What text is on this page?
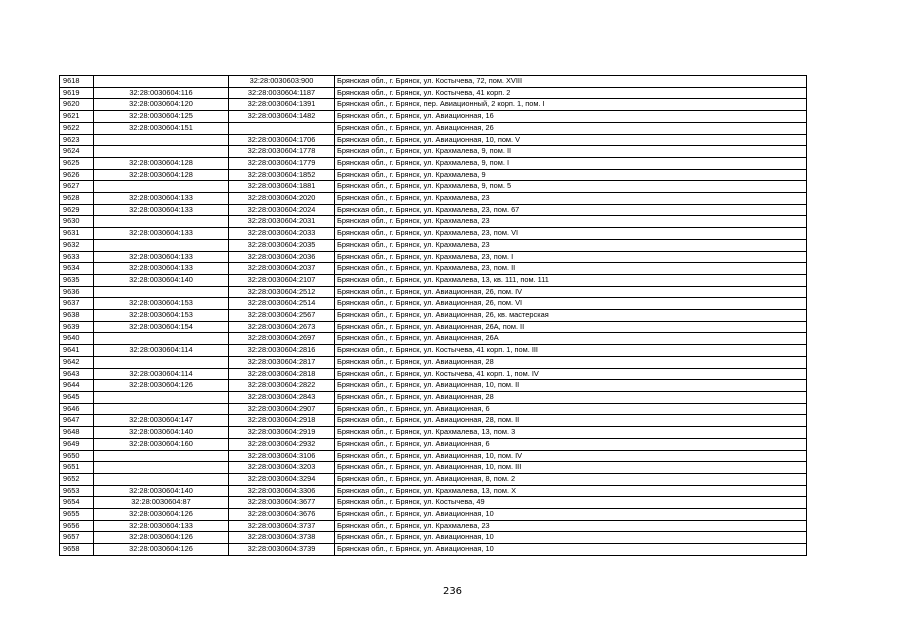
9618		32:28:0030603:900	Брянская обл., г. Брянск, ул. Костычева, 72, пом. XVIII
9619	32:28:0030604:116	32:28:0030604:1187	Брянская обл., г. Брянск, ул. Костычева, 41 корп. 2
9620	32:28:0030604:120	32:28:0030604:1391	Брянская обл., г. Брянск, пер. Авиационный, 2 корп. 1, пом. I
9621	32:28:0030604:125	32:28:0030604:1482	Брянская обл., г. Брянск, ул. Авиационная, 16
9622	32:28:0030604:151		Брянская обл., г. Брянск, ул. Авиационная, 26
9623		32:28:0030604:1706	Брянская обл., г. Брянск, ул. Авиационная, 10, пом. V
9624		32:28:0030604:1778	Брянская обл., г. Брянск, ул. Крахмалева, 9, пом. II
9625	32:28:0030604:128	32:28:0030604:1779	Брянская обл., г. Брянск, ул. Крахмалева, 9, пом. I
9626	32:28:0030604:128	32:28:0030604:1852	Брянская обл., г. Брянск, ул. Крахмалева, 9
9627		32:28:0030604:1881	Брянская обл., г. Брянск, ул. Крахмалева, 9, пом. 5
9628	32:28:0030604:133	32:28:0030604:2020	Брянская обл., г. Брянск, ул. Крахмалева, 23
9629	32:28:0030604:133	32:28:0030604:2024	Брянская обл., г. Брянск, ул. Крахмалева, 23, пом. 67
9630		32:28:0030604:2031	Брянская обл., г. Брянск, ул. Крахмалева, 23
9631	32:28:0030604:133	32:28:0030604:2033	Брянская обл., г. Брянск, ул. Крахмалева, 23, пом. VI
9632		32:28:0030604:2035	Брянская обл., г. Брянск, ул. Крахмалева, 23
9633	32:28:0030604:133	32:28:0030604:2036	Брянская обл., г. Брянск, ул. Крахмалева, 23, пом. I
9634	32:28:0030604:133	32:28:0030604:2037	Брянская обл., г. Брянск, ул. Крахмалева, 23, пом. II
9635	32:28:0030604:140	32:28:0030604:2107	Брянская обл., г. Брянск, ул. Крахмалева, 13, кв. 111, пом. 111
9636		32:28:0030604:2512	Брянская обл., г. Брянск, ул. Авиационная, 26, пом. IV
9637	32:28:0030604:153	32:28:0030604:2514	Брянская обл., г. Брянск, ул. Авиационная, 26, пом. VI
9638	32:28:0030604:153	32:28:0030604:2567	Брянская обл., г. Брянск, ул. Авиационная, 26, кв. мастерская
9639	32:28:0030604:154	32:28:0030604:2673	Брянская обл., г. Брянск, ул. Авиационная, 26А, пом. II
9640		32:28:0030604:2697	Брянская обл., г. Брянск, ул. Авиационная, 26А
9641	32:28:0030604:114	32:28:0030604:2816	Брянская обл., г. Брянск, ул. Костычева, 41 корп. 1, пом. III
9642		32:28:0030604:2817	Брянская обл., г. Брянск, ул. Авиационная, 28
9643	32:28:0030604:114	32:28:0030604:2818	Брянская обл., г. Брянск, ул. Костычева, 41 корп. 1, пом. IV
9644	32:28:0030604:126	32:28:0030604:2822	Брянская обл., г. Брянск, ул. Авиационная, 10, пом. II
9645		32:28:0030604:2843	Брянская обл., г. Брянск, ул. Авиационная, 28
9646		32:28:0030604:2907	Брянская обл., г. Брянск, ул. Авиационная, 6
9647	32:28:0030604:147	32:28:0030604:2918	Брянская обл., г. Брянск, ул. Авиационная, 28, пом. II
9648	32:28:0030604:140	32:28:0030604:2919	Брянская обл., г. Брянск, ул. Крахмалева, 13, пом. 3
9649	32:28:0030604:160	32:28:0030604:2932	Брянская обл., г. Брянск, ул. Авиационная, 6
9650		32:28:0030604:3106	Брянская обл., г. Брянск, ул. Авиационная, 10, пом. IV
9651		32:28:0030604:3203	Брянская обл., г. Брянск, ул. Авиационная, 10, пом. III
9652		32:28:0030604:3294	Брянская обл., г. Брянск, ул. Авиационная, 8, пом. 2
9653	32:28:0030604:140	32:28:0030604:3306	Брянская обл., г. Брянск, ул. Крахмалева, 13, пом. X
9654	32:28:0030604:87	32:28:0030604:3677	Брянская обл., г. Брянск, ул. Костычева, 49
9655	32:28:0030604:126	32:28:0030604:3676	Брянская обл., г. Брянск, ул. Авиационная, 10
9656	32:28:0030604:133	32:28:0030604:3737	Брянская обл., г. Брянск, ул. Крахмалева, 23
9657	32:28:0030604:126	32:28:0030604:3738	Брянская обл., г. Брянск, ул. Авиационная, 10
9658	32:28:0030604:126	32:28:0030604:3739	Брянская обл., г. Брянск, ул. Авиационная, 10
236
